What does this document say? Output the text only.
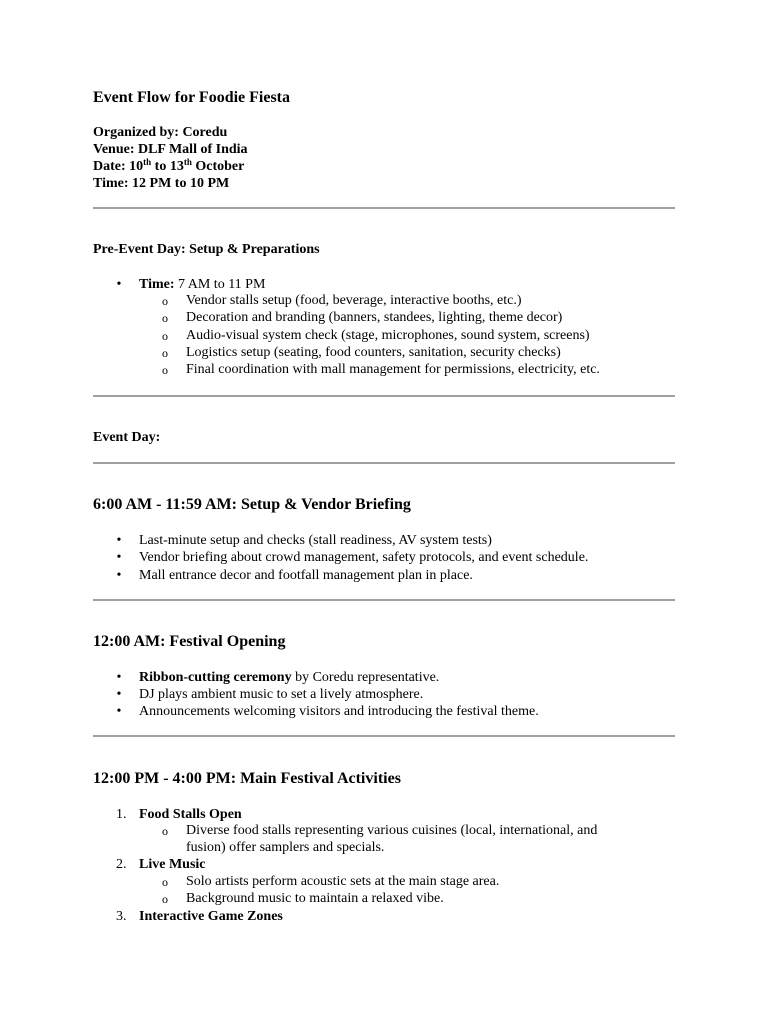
Event Flow for Foodie Fiesta
Organized by: Coredu
Venue: DLF Mall of India
Date: 10th to 13th October
Time: 12 PM to 10 PM
Pre-Event Day: Setup & Preparations
• Time: 7 AM to 11 PM
o Vendor stalls setup (food, beverage, interactive booths, etc.)
o Decoration and branding (banners, standees, lighting, theme decor)
o Audio-visual system check (stage, microphones, sound system, screens)
o Logistics setup (seating, food counters, sanitation, security checks)
o Final coordination with mall management for permissions, electricity, etc.
Event Day:
6:00 AM - 11:59 AM: Setup & Vendor Briefing
• Last-minute setup and checks (stall readiness, AV system tests)
• Vendor briefing about crowd management, safety protocols, and event schedule.
• Mall entrance decor and footfall management plan in place.
12:00 AM: Festival Opening
• Ribbon-cutting ceremony by Coredu representative.
• DJ plays ambient music to set a lively atmosphere.
• Announcements welcoming visitors and introducing the festival theme.
12:00 PM - 4:00 PM: Main Festival Activities
1. Food Stalls Open
o Diverse food stalls representing various cuisines (local, international, and
fusion) offer samplers and specials.
2. Live Music
o Solo artists perform acoustic sets at the main stage area.
o Background music to maintain a relaxed vibe.
3. Interactive Game Zones
